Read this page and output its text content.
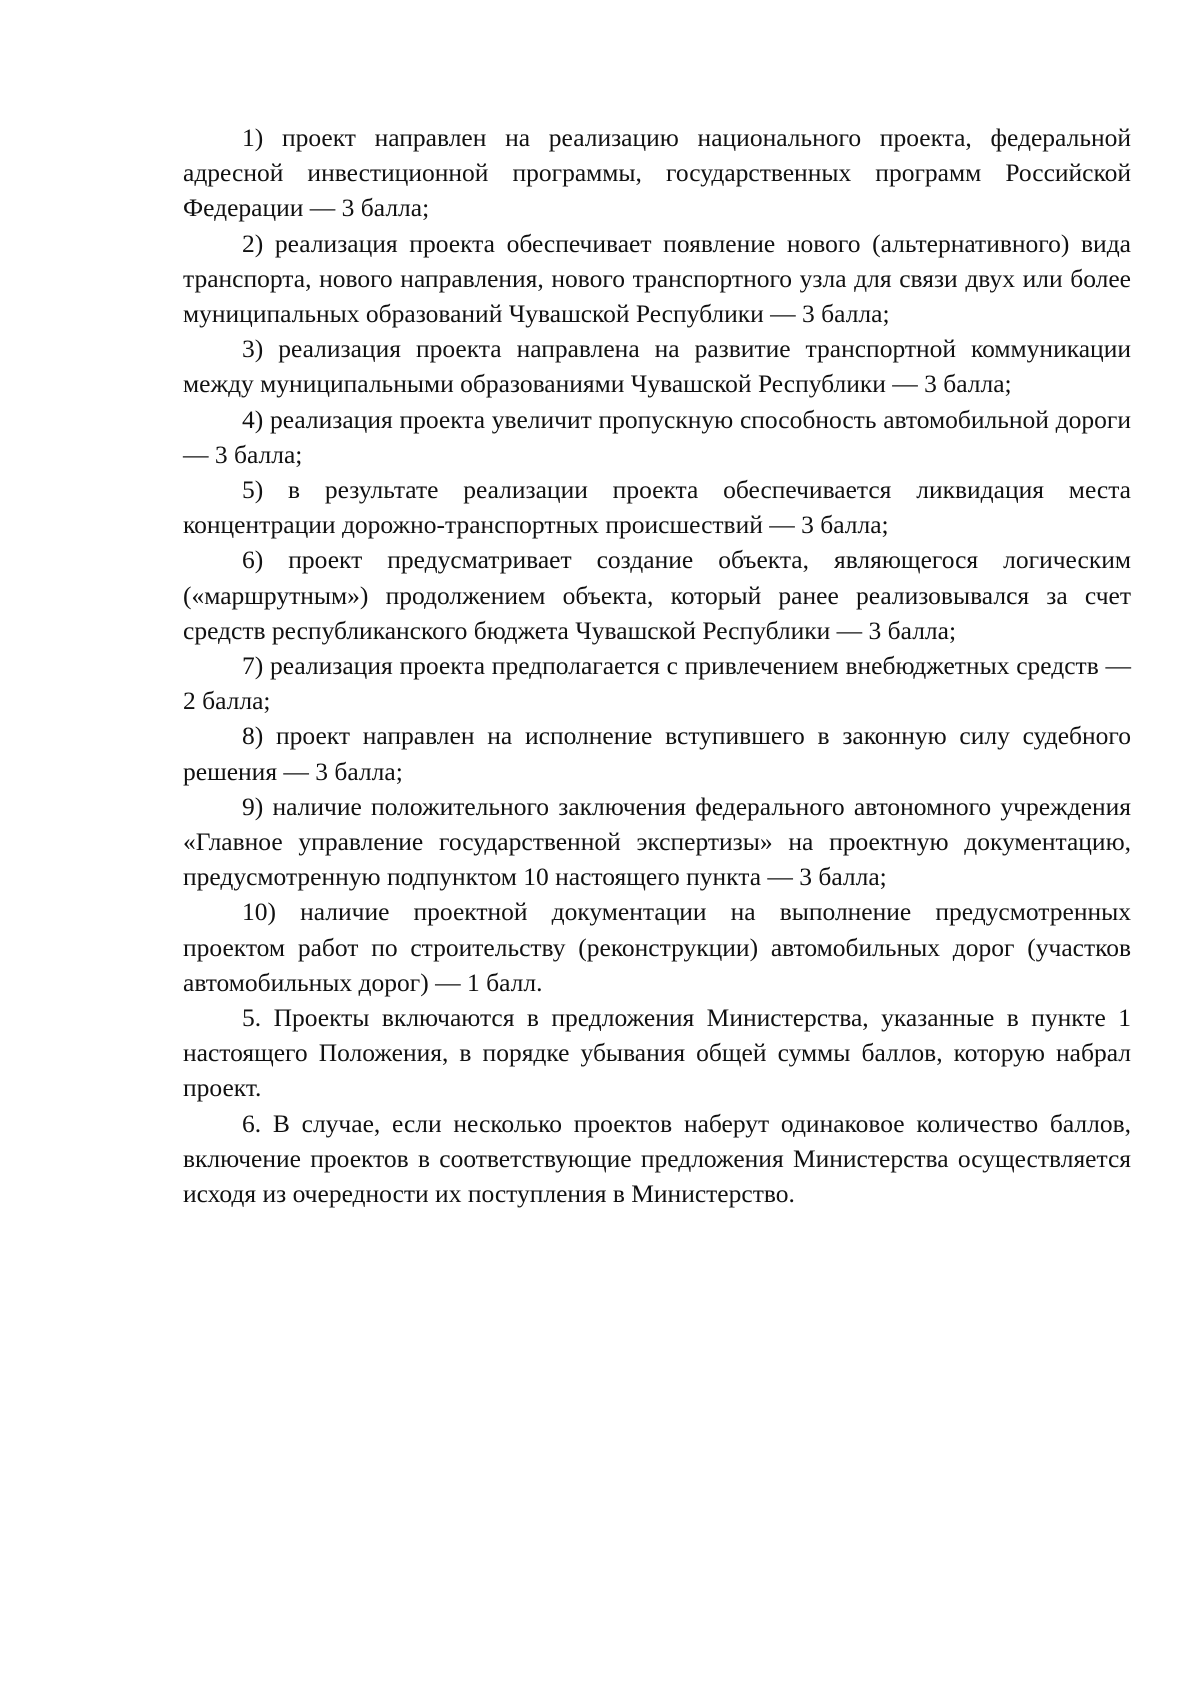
1) проект направлен на реализацию национального проекта, федеральной адресной инвестиционной программы, государственных программ Российской Федерации — 3 балла;

2) реализация проекта обеспечивает появление нового (альтернативного) вида транспорта, нового направления, нового транспортного узла для связи двух или более муниципальных образований Чувашской Республики — 3 балла;

3) реализация проекта направлена на развитие транспортной коммуникации между муниципальными образованиями Чувашской Республики — 3 балла;

4) реализация проекта увеличит пропускную способность автомобильной дороги — 3 балла;

5) в результате реализации проекта обеспечивается ликвидация места концентрации дорожно-транспортных происшествий — 3 балла;

6) проект предусматривает создание объекта, являющегося логическим («маршрутным») продолжением объекта, который ранее реализовывался за счет средств республиканского бюджета Чувашской Республики — 3 балла;

7) реализация проекта предполагается с привлечением внебюджетных средств — 2 балла;

8) проект направлен на исполнение вступившего в законную силу судебного решения — 3 балла;

9) наличие положительного заключения федерального автономного учреждения «Главное управление государственной экспертизы» на проектную документацию, предусмотренную подпунктом 10 настоящего пункта — 3 балла;

10) наличие проектной документации на выполнение предусмотренных проектом работ по строительству (реконструкции) автомобильных дорог (участков автомобильных дорог) — 1 балл.

5. Проекты включаются в предложения Министерства, указанные в пункте 1 настоящего Положения, в порядке убывания общей суммы баллов, которую набрал проект.

6. В случае, если несколько проектов наберут одинаковое количество баллов, включение проектов в соответствующие предложения Министерства осуществляется исходя из очередности их поступления в Министерство.
